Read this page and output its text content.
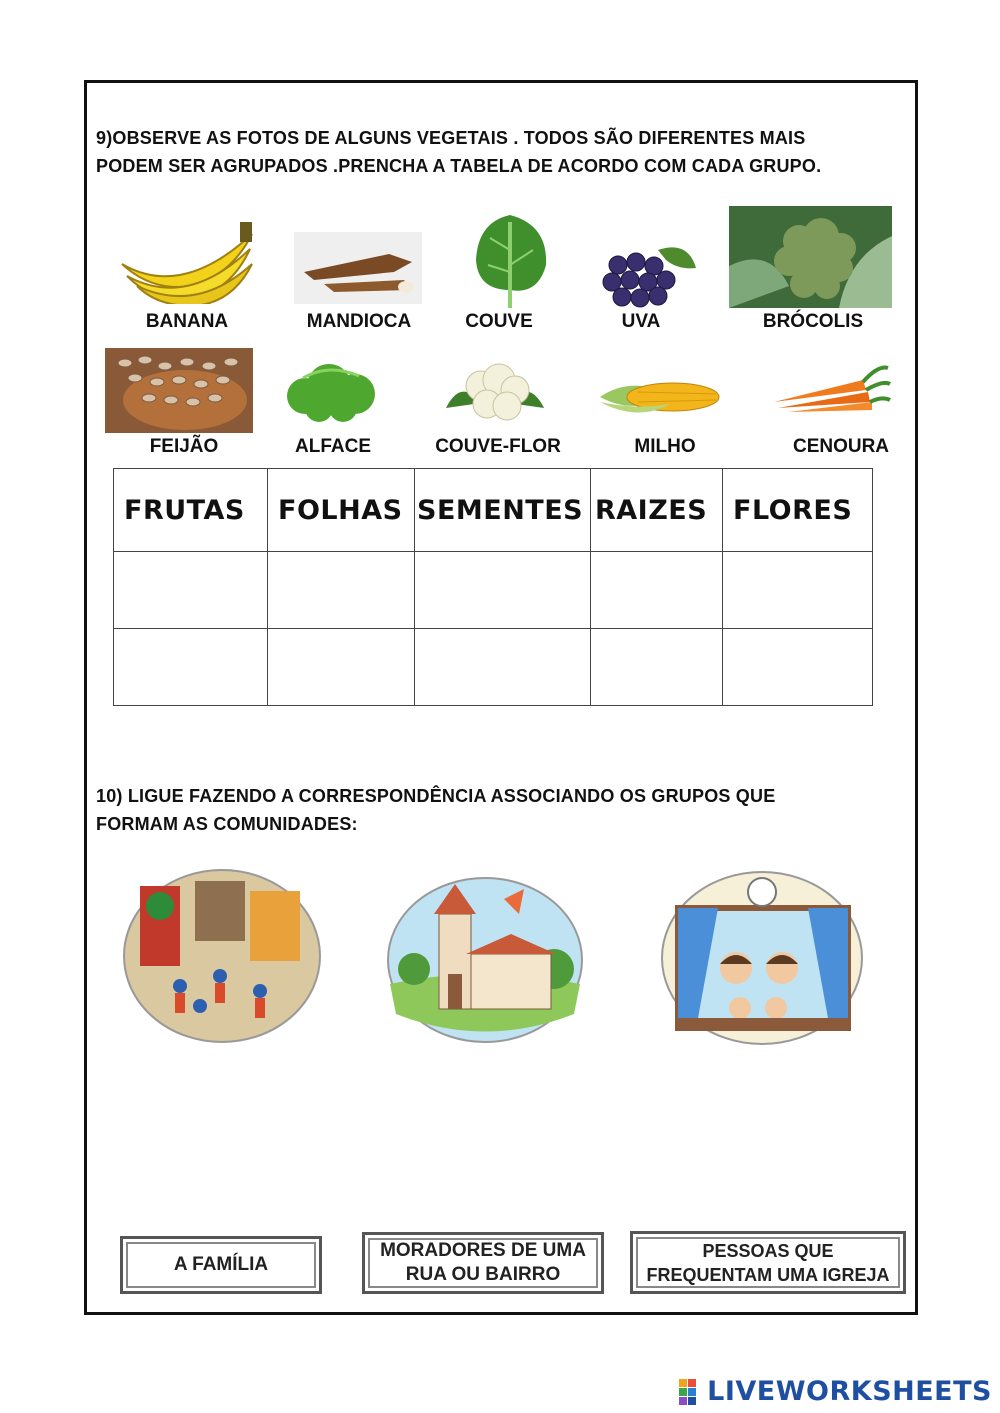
9)OBSERVE AS FOTOS DE ALGUNS VEGETAIS . TODOS SÃO DIFERENTES MAIS
PODEM SER AGRUPADOS .PRENCHA A TABELA DE ACORDO COM CADA GRUPO.
BANANA	MANDIOCA	COUVE	UVA	BRÓCOLIS
FEIJÃO	ALFACE	COUVE-FLOR	MILHO	CENOURA
FRUTAS	FOLHAS	SEMENTES	RAIZES	FLORES

10) LIGUE FAZENDO A CORRESPONDÊNCIA ASSOCIANDO OS GRUPOS QUE
FORMAM AS COMUNIDADES:
A FAMÍLIA
MORADORES DE UMA
RUA OU BAIRRO
PESSOAS QUE
FREQUENTAM UMA IGREJA
LIVEWORKSHEETS
